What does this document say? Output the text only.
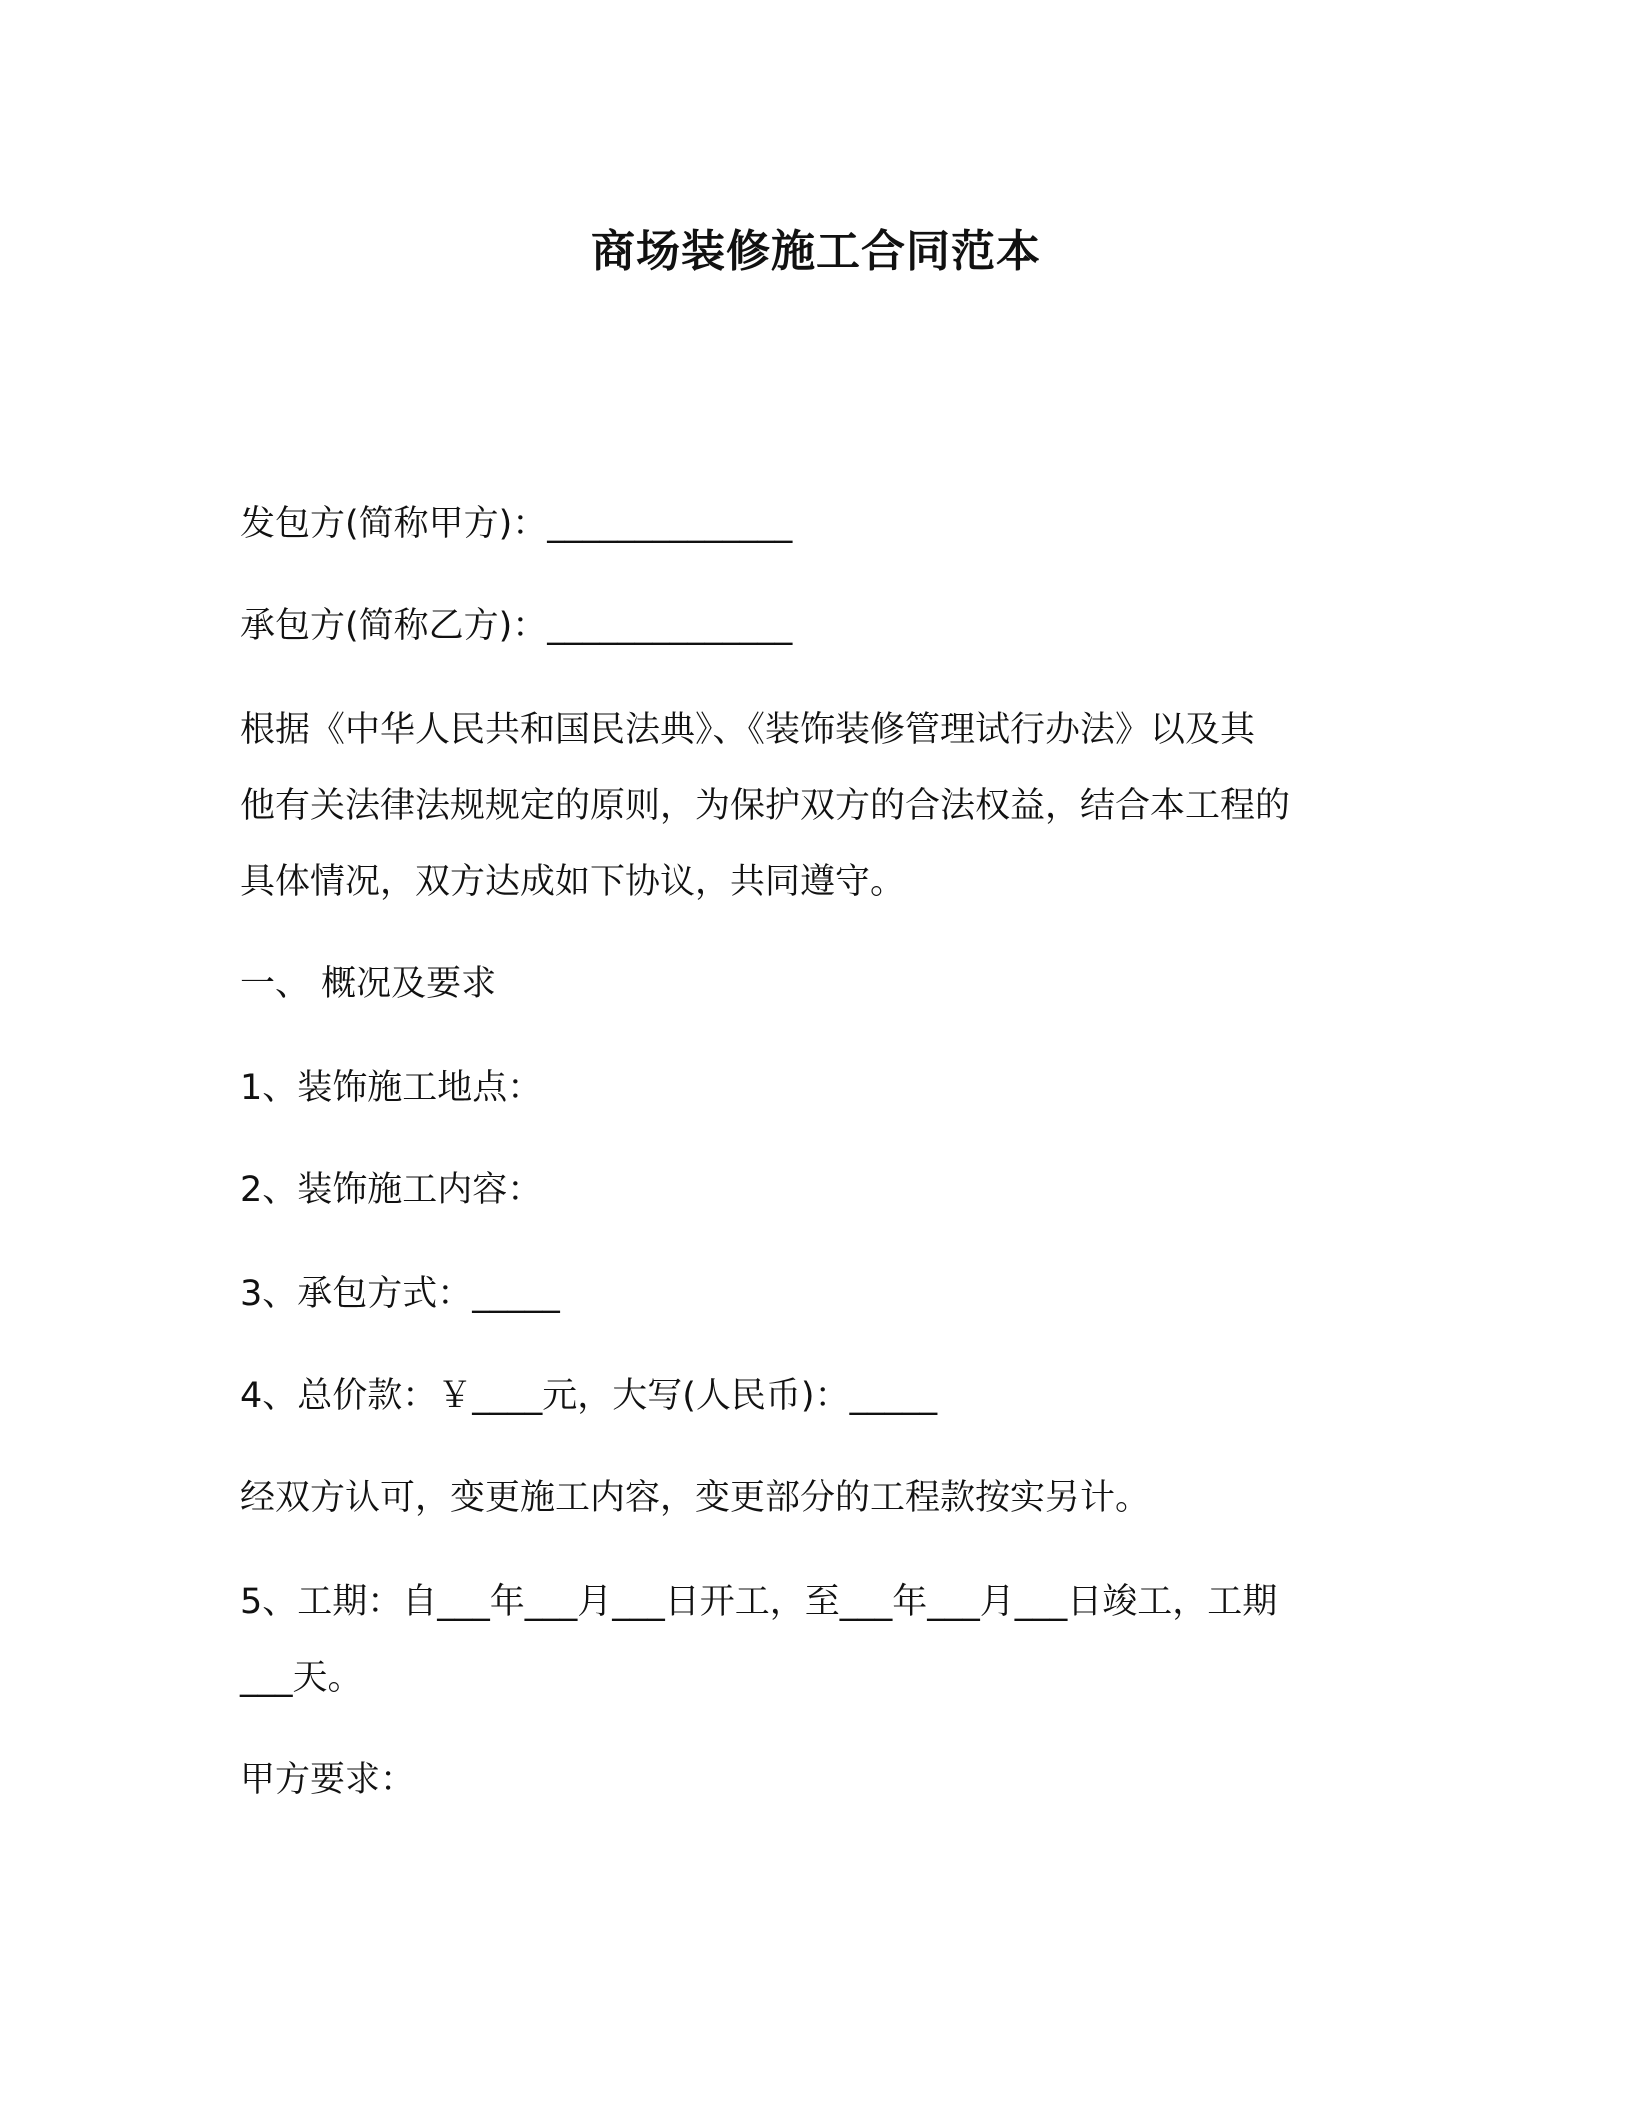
商场装修施工合同范本
发包方(简称甲方)：______________
承包方(简称乙方)：______________
根据《中华人民共和国民法典》、《装饰装修管理试行办法》以及其
他有关法律法规规定的原则，为保护双方的合法权益，结合本工程的
具体情况，双方达成如下协议，共同遵守。
一、 概况及要求
1、装饰施工地点：
2、装饰施工内容：
3、承包方式：_____
4、总价款：￥____元，大写(人民币)：_____
经双方认可，变更施工内容，变更部分的工程款按实另计。
5、工期：自___年___月___日开工，至___年___月___日竣工，工期
___天。
甲方要求：
